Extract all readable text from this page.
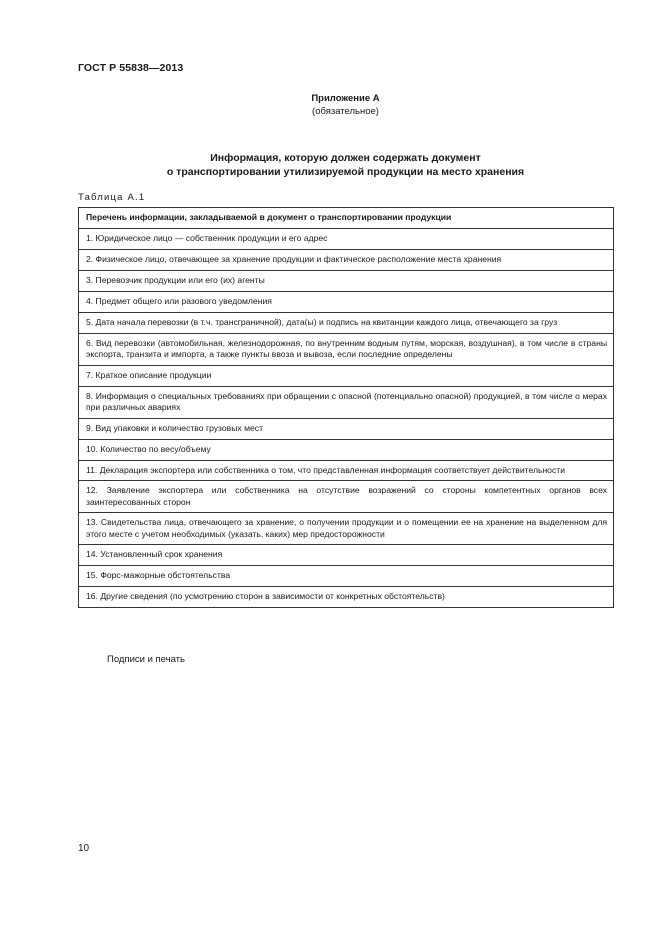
ГОСТ Р 55838—2013
Приложение А
(обязательное)
Информация, которую должен содержать документ
о транспортировании утилизируемой продукции на место хранения
Таблица А.1
Перечень информации, закладываемой в документ о транспортировании продукции
1. Юридическое лицо — собственник продукции и его адрес
2. Физическое лицо, отвечающее за хранение продукции и фактическое расположение места хранения
3. Перевозчик продукции или его (их) агенты
4. Предмет общего или разового уведомления
5. Дата начала перевозки (в т.ч. трансграничной), дата(ы) и подпись на квитанции каждого лица, отвечающего за груз
6. Вид перевозки (автомобильная, железнодорожная, по внутренним водным путям, морская, воздушная), в том числе в страны экспорта, транзита и импорта, а также пункты ввоза и вывоза, если последние определены
7. Краткое описание продукции
8. Информация о специальных требованиях при обращении с опасной (потенциально опасной) продукцией, в том числе о мерах при различных авариях
9. Вид упаковки и количество грузовых мест
10. Количество по весу/объему
11. Декларация экспортера или собственника о том, что представленная информация соответствует действительности
12. Заявление экспортера или собственника на отсутствие возражений со стороны компетентных органов всех заинтересованных сторон
13. Свидетельства лица, отвечающего за хранение, о получении продукции и о помещении ее на хранение на выделенном для этого месте с учетом необходимых (указать, каких) мер предосторожности
14. Установленный срок хранения
15. Форс-мажорные обстоятельства
16. Другие сведения (по усмотрению сторон в зависимости от конкретных обстоятельств)
Подписи и печать
10
